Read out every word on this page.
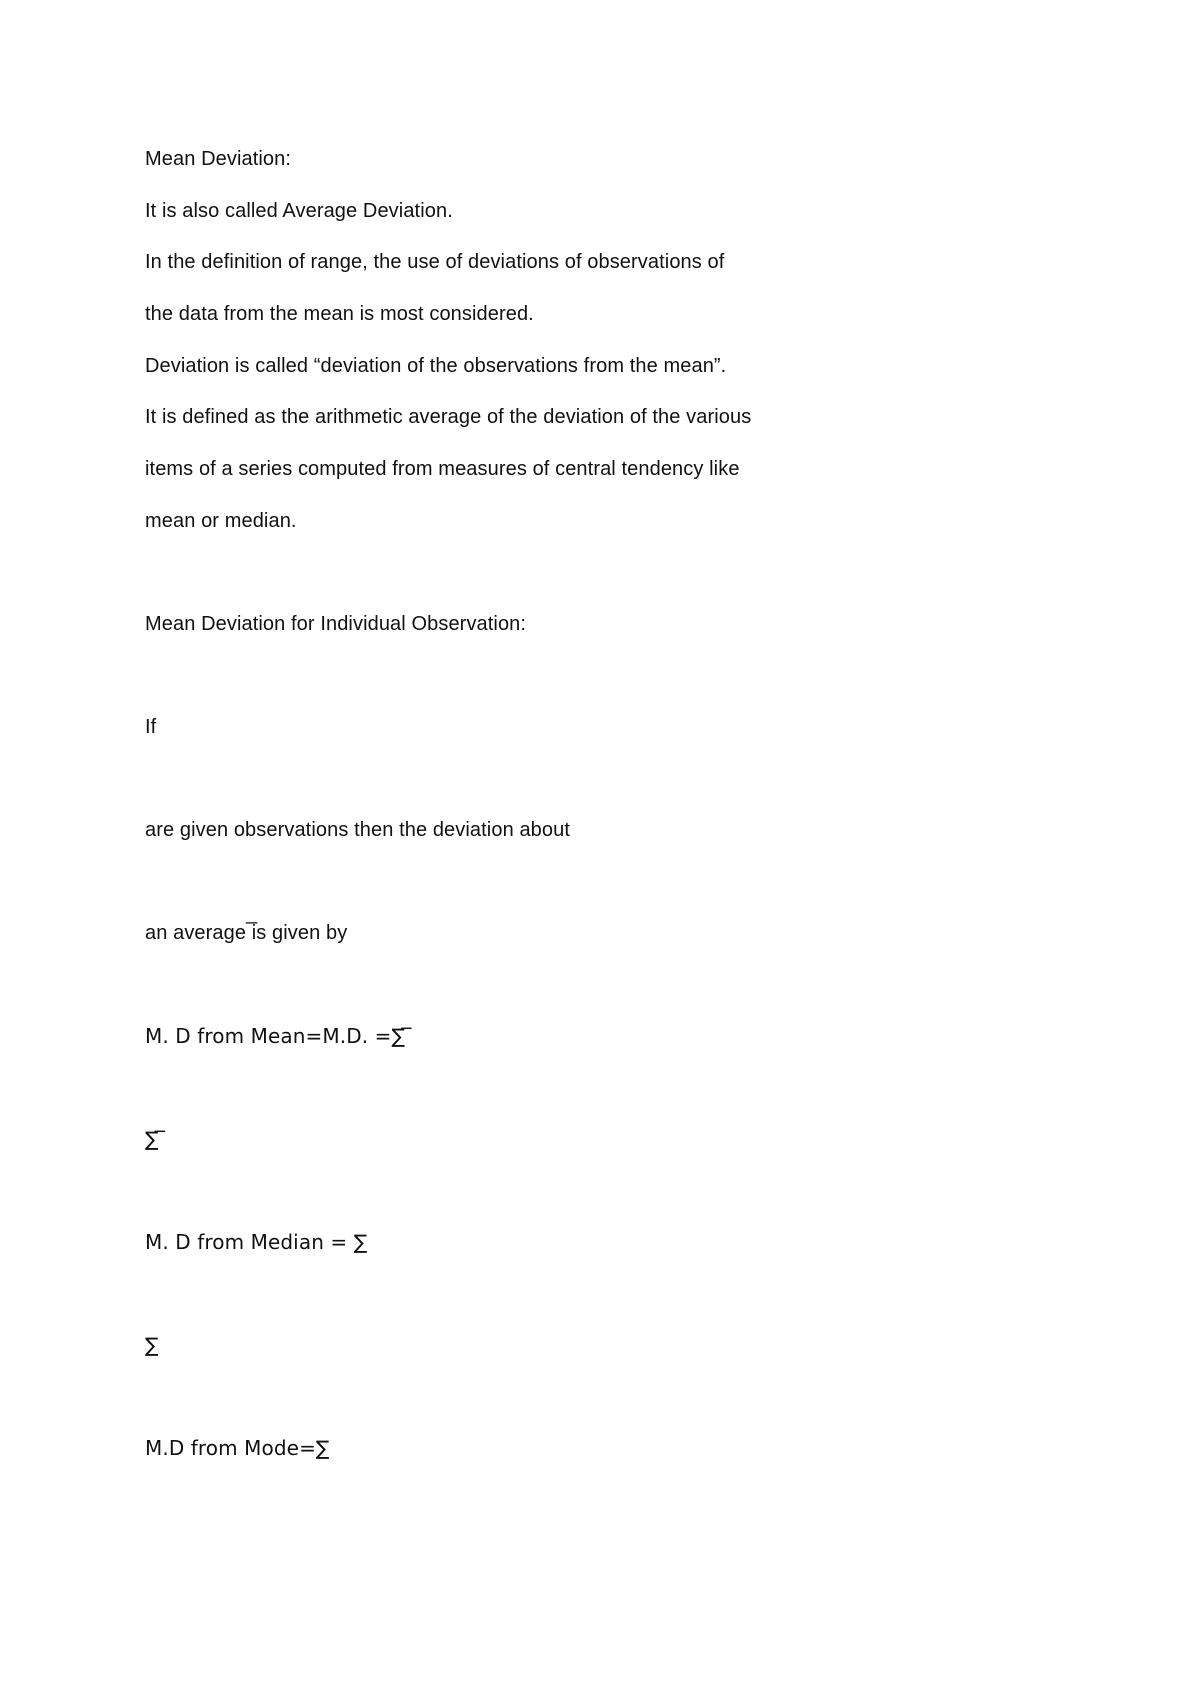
Mean Deviation:
It is also called Average Deviation.
In the definition of range, the use of deviations of observations of
the data from the mean is most considered.
Deviation is called “deviation of the observations from the mean”.
It is defined as the arithmetic average of the deviation of the various
items of a series computed from measures of central tendency like
mean or median.
Mean Deviation for Individual Observation:
If
are given observations then the deviation about
an average ̅is given by
M. D from Mean=M.D. =∑ ̅
∑ ̅
M. D from Median = ∑
∑
M.D from Mode=∑
